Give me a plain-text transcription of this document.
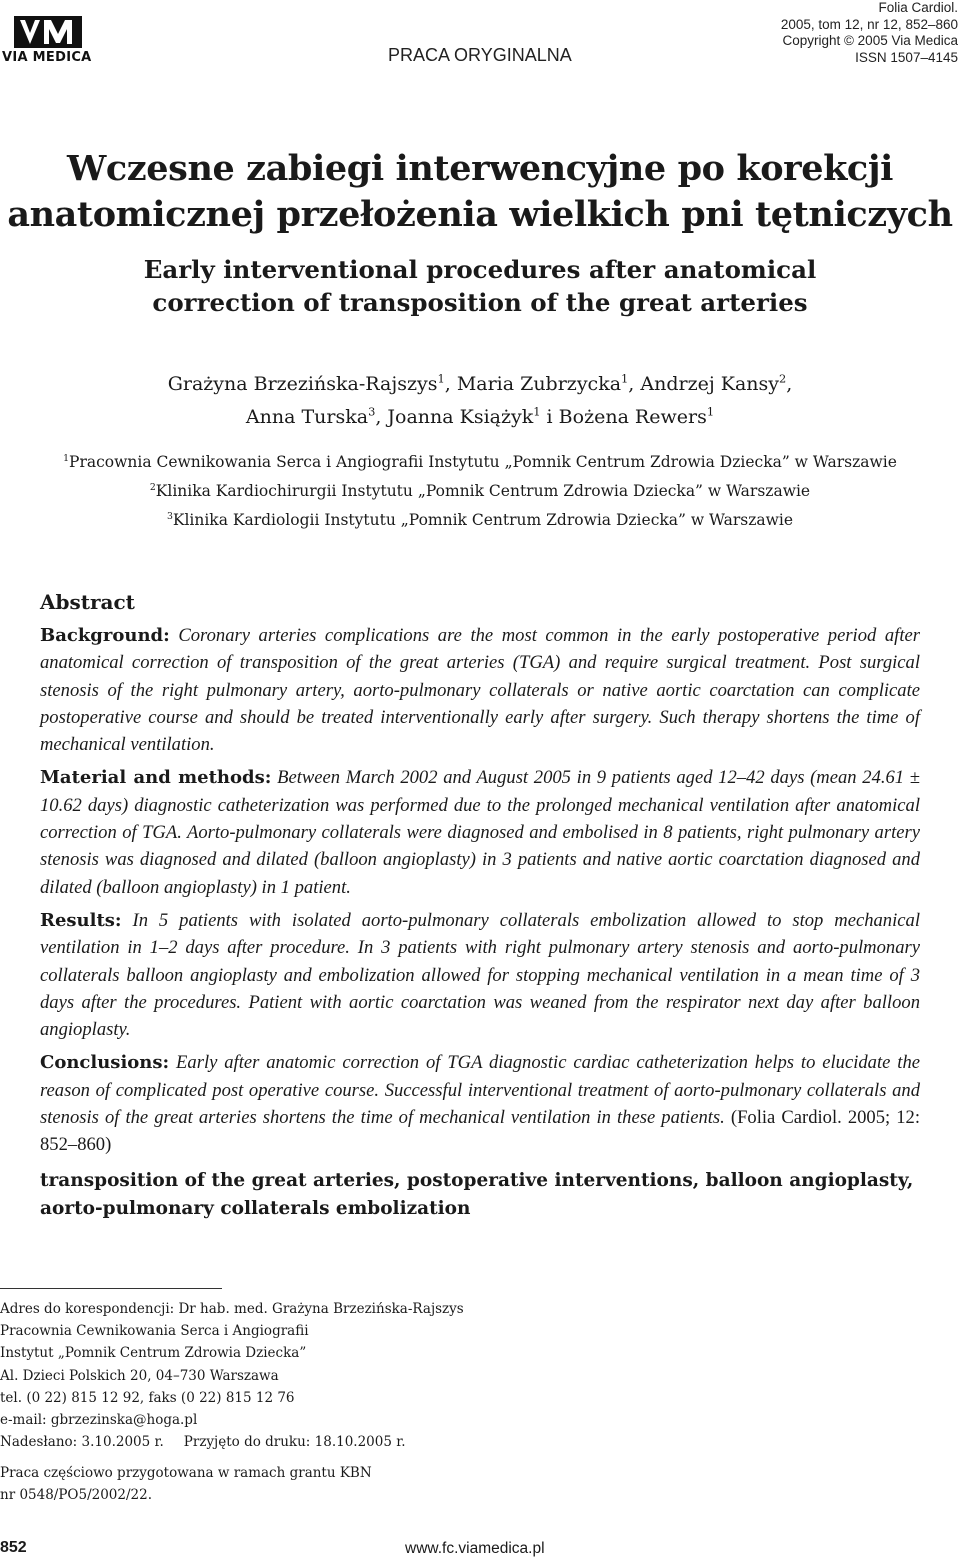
VIA MEDICA	PRACA ORYGINALNA
Folia Cardiol.
2005, tom 12, nr 12, 852–860
Copyright © 2005 Via Medica
ISSN 1507–4145
Wczesne zabiegi interwencyjne po korekcji
anatomicznej przełożenia wielkich pni tętniczych
Early interventional procedures after anatomical
correction of transposition of the great arteries
Grażyna Brzezińska-Rajszys$^1$, Maria Zubrzycka$^1$, Andrzej Kansy$^2$,
Anna Turska$^3$, Joanna Książyk$^1$ i Bożena Rewers$^1$
$^1$Pracownia Cewnikowania Serca i Angiografii Instytutu „Pomnik Centrum Zdrowia Dziecka” w Warszawie
$^2$Klinika Kardiochirurgii Instytutu „Pomnik Centrum Zdrowia Dziecka” w Warszawie
$^3$Klinika Kardiologii Instytutu „Pomnik Centrum Zdrowia Dziecka” w Warszawie
Abstract

Background: Coronary arteries complications are the most common in the early postoperative period after anatomical correction of transposition of the great arteries (TGA) and require surgical treatment. Post surgical stenosis of the right pulmonary artery, aorto-pulmonary collaterals or native aortic coarctation can complicate postoperative course and should be treated interventionally early after surgery. Such therapy shortens the time of mechanical ventilation.

Material and methods: Between March 2002 and August 2005 in 9 patients aged 12–42 days (mean 24.61 ± 10.62 days) diagnostic catheterization was performed due to the prolonged mechanical ventilation after anatomical correction of TGA. Aorto-pulmonary collaterals were diagnosed and embolised in 8 patients, right pulmonary artery stenosis was diagnosed and dilated (balloon angioplasty) in 3 patients and native aortic coarctation diagnosed and dilated (balloon angioplasty) in 1 patient.

Results: In 5 patients with isolated aorto-pulmonary collaterals embolization allowed to stop mechanical ventilation in 1–2 days after procedure. In 3 patients with right pulmonary artery stenosis and aorto-pulmonary collaterals balloon angioplasty and embolization allowed for stopping mechanical ventilation in a mean time of 3 days after the procedures. Patient with aortic coarctation was weaned from the respirator next day after balloon angioplasty.

Conclusions: Early after anatomic correction of TGA diagnostic cardiac catheterization helps to elucidate the reason of complicated post operative course. Successful interventional treatment of aorto-pulmonary collaterals and stenosis of the great arteries shortens the time of mechanical ventilation in these patients. (Folia Cardiol. 2005; 12: 852–860)

transposition of the great arteries, postoperative interventions, balloon angioplasty, aorto-pulmonary collaterals embolization
Adres do korespondencji: Dr hab. med. Grażyna Brzezińska-Rajszys
Pracownia Cewnikowania Serca i Angiografii
Instytut „Pomnik Centrum Zdrowia Dziecka”
Al. Dzieci Polskich 20, 04–730 Warszawa
tel. (0 22) 815 12 92, faks (0 22) 815 12 76
e-mail: gbrzezinska@hoga.pl
Nadesłano: 3.10.2005 r. Przyjęto do druku: 18.10.2005 r.
Praca częściowo przygotowana w ramach grantu KBN
nr 0548/PO5/2002/22.
852	www.fc.viamedica.pl
